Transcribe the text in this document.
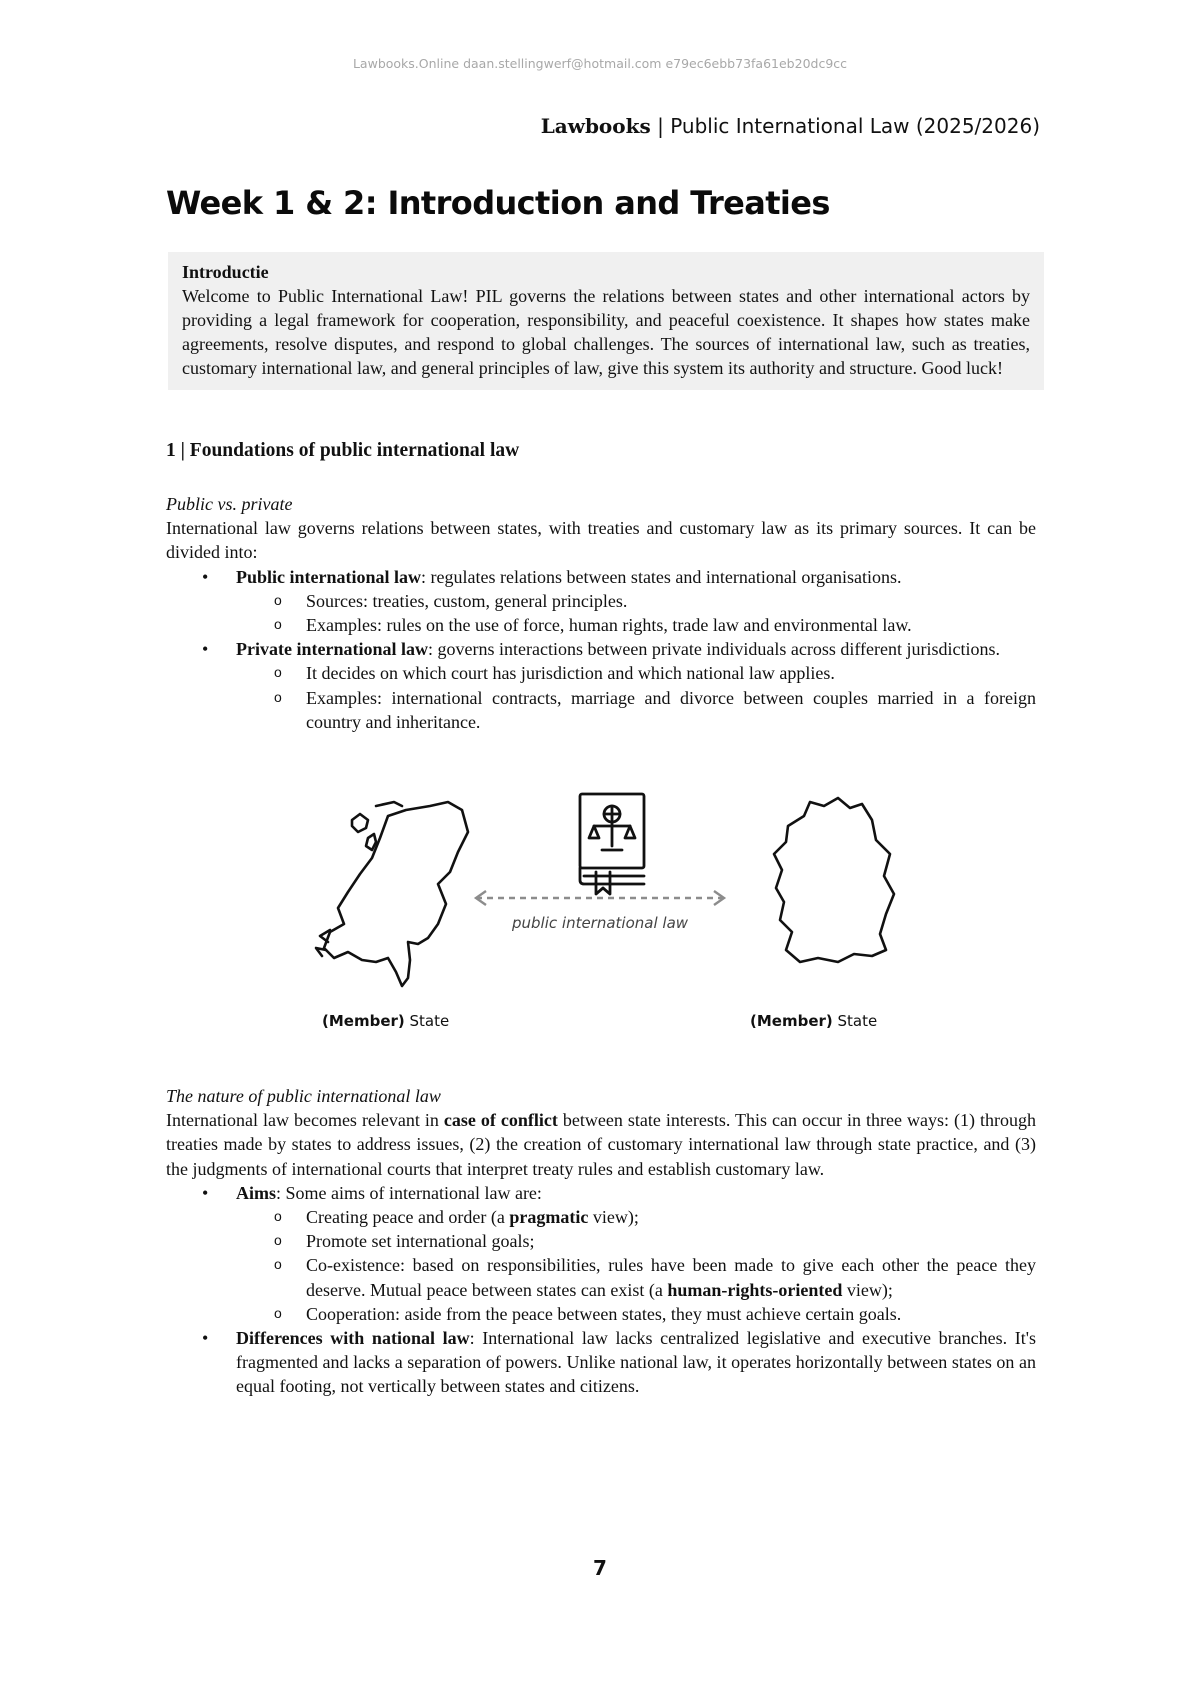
Lawbooks.Online daan.stellingwerf@hotmail.com e79ec6ebb73fa61eb20dc9cc
Lawbooks | Public International Law (2025/2026)
Week 1 & 2: Introduction and Treaties
Introductie
Welcome to Public International Law! PIL governs the relations between states and other international actors by providing a legal framework for cooperation, responsibility, and peaceful coexistence. It shapes how states make agreements, resolve disputes, and respond to global challenges. The sources of international law, such as treaties, customary international law, and general principles of law, give this system its authority and structure. Good luck!
1 | Foundations of public international law
Public vs. private

International law governs relations between states, with treaties and customary law as its primary sources. It can be divided into:

• Public international law: regulates relations between states and international organisations.
o Sources: treaties, custom, general principles.
o Examples: rules on the use of force, human rights, trade law and environmental law.
• Private international law: governs interactions between private individuals across different jurisdictions.
o It decides on which court has jurisdiction and which national law applies.
o Examples: international contracts, marriage and divorce between couples married in a foreign country and inheritance.
public international law
(Member) State	(Member) State
The nature of public international law

International law becomes relevant in case of conflict between state interests. This can occur in three ways: (1) through treaties made by states to address issues, (2) the creation of customary international law through state practice, and (3) the judgments of international courts that interpret treaty rules and establish customary law.

• Aims: Some aims of international law are:
o Creating peace and order (a pragmatic view);
o Promote set international goals;
o Co-existence: based on responsibilities, rules have been made to give each other the peace they deserve. Mutual peace between states can exist (a human-rights-oriented view);
o Cooperation: aside from the peace between states, they must achieve certain goals.
• Differences with national law: International law lacks centralized legislative and executive branches. It's fragmented and lacks a separation of powers. Unlike national law, it operates horizontally between states on an equal footing, not vertically between states and citizens.
7
